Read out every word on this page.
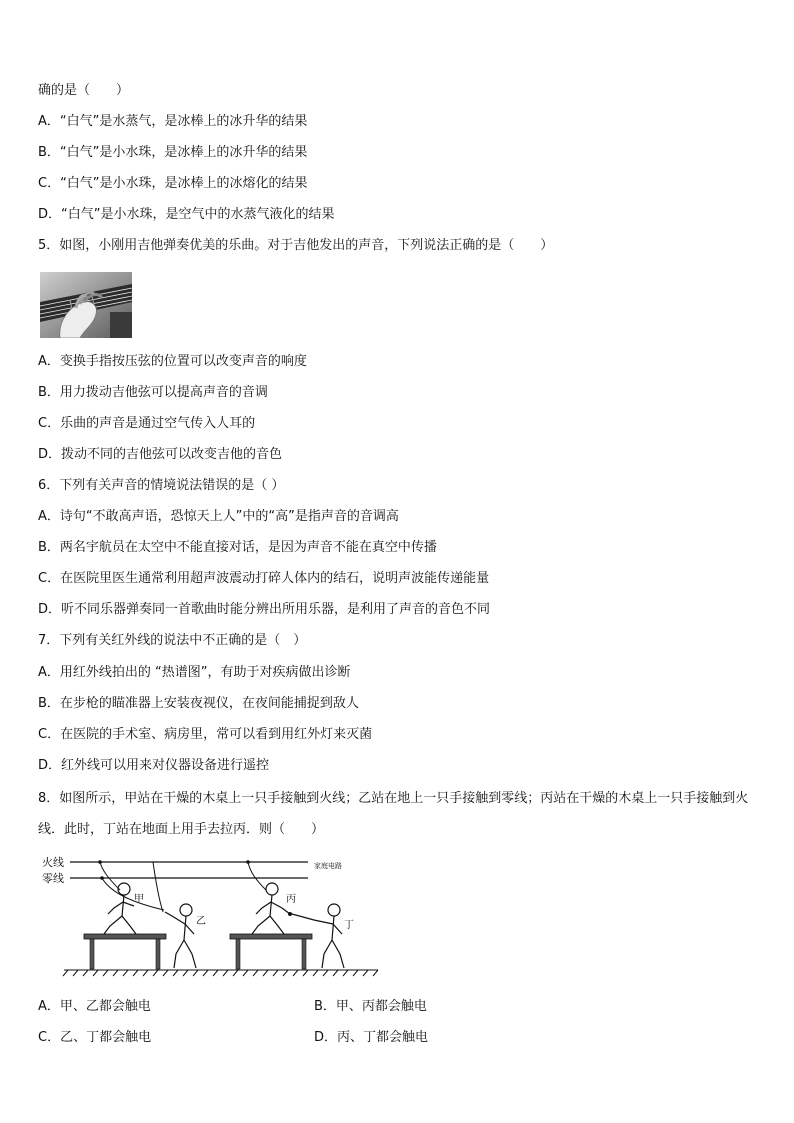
确的是（　　）
A．“白气”是水蒸气，是冰棒上的冰升华的结果
B．“白气”是小水珠，是冰棒上的冰升华的结果
C．“白气”是小水珠，是冰棒上的冰熔化的结果
D．“白气”是小水珠，是空气中的水蒸气液化的结果
5．如图，小刚用吉他弹奏优美的乐曲。对于吉他发出的声音，下列说法正确的是（　　）
A．变换手指按压弦的位置可以改变声音的响度
B．用力拨动吉他弦可以提高声音的音调
C．乐曲的声音是通过空气传入人耳的
D．拨动不同的吉他弦可以改变吉他的音色
6．下列有关声音的情境说法错误的是（ ）
A．诗句“不敢高声语，恐惊天上人”中的“高”是指声音的音调高
B．两名宇航员在太空中不能直接对话，是因为声音不能在真空中传播
C．在医院里医生通常利用超声波震动打碎人体内的结石，说明声波能传递能量
D．听不同乐器弹奏同一首歌曲时能分辨出所用乐器，是利用了声音的音色不同
7．下列有关红外线的说法中不正确的是（　）
A．用红外线拍出的 “热谱图”，有助于对疾病做出诊断
B．在步枪的瞄准器上安装夜视仪，在夜间能捕捉到敌人
C．在医院的手术室、病房里，常可以看到用红外灯来灭菌
D．红外线可以用来对仪器设备进行遥控
8．如图所示，甲站在干燥的木桌上一只手接触到火线；乙站在地上一只手接触到零线；丙站在干燥的木桌上一只手接触到火线．此时，丁站在地面上用手去拉丙．则（　　）
火线
零线
家庭电路
甲
乙
丙
丁
A．甲、乙都会触电	B．甲、丙都会触电
C．乙、丁都会触电	D．丙、丁都会触电
